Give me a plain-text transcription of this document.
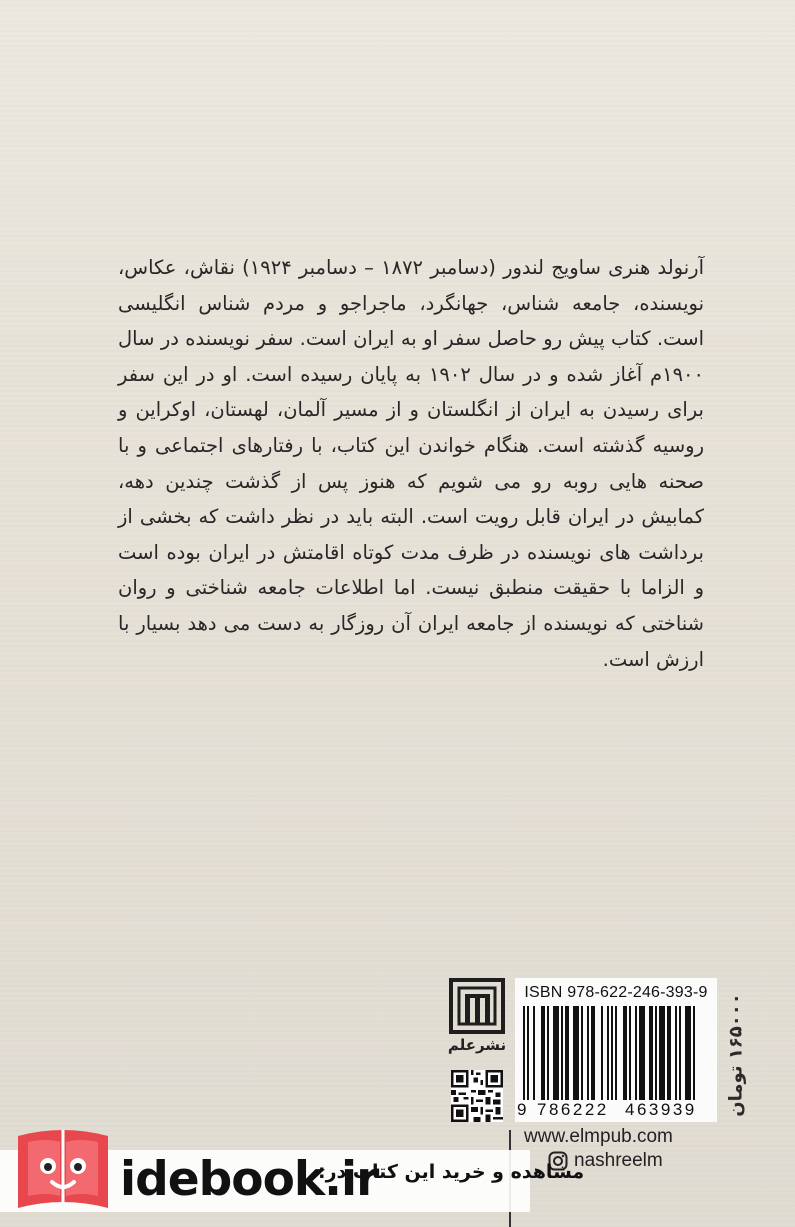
آرنولد هنری ساویج لندور (دسامبر ۱۸۷۲ – دسامبر ۱۹۲۴) نقاش، عکاس، نویسنده، جامعه شناس، جهانگرد، ماجراجو و مردم شناس انگلیسی است. کتاب پیش رو حاصل سفر او به ایران است. سفر نویسنده در سال ۱۹۰۰م آغاز شده و در سال ۱۹۰۲ به پایان رسیده است. او در این سفر برای رسیدن به ایران از انگلستان و از مسیر آلمان، لهستان، اوکراین و روسیه گذشته است. هنگام خواندن این کتاب، با رفتارهای اجتماعی و با صحنه هایی روبه رو می شویم که هنوز پس از گذشت چندین دهه، کمابیش در ایران قابل رویت است. البته باید در نظر داشت که بخشی از برداشت های نویسنده در ظرف مدت کوتاه اقامتش در ایران بوده است و الزاما با حقیقت منطبق نیست. اما اطلاعات جامعه شناختی و روان شناختی که نویسنده از جامعه ایران آن روزگار به دست می دهد بسیار با ارزش است.

نشرعلم
ISBN 978-622-246-393-9
9 786222 463939 ۱۶۵۰۰۰ تومان
www.elmpub.com
nashreelm
idebook.ir
مشاهده و خرید این کتاب در:
